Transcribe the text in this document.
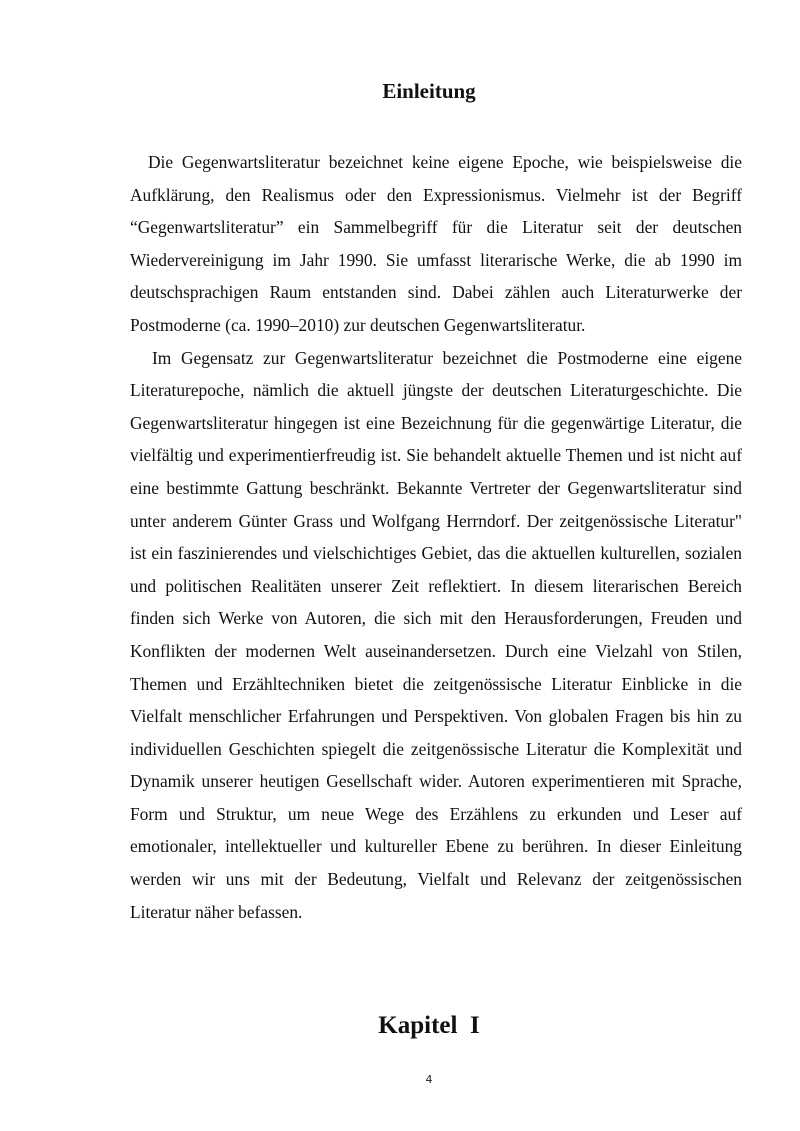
Einleitung

Die Gegenwartsliteratur bezeichnet keine eigene Epoche, wie beispielsweise die Aufklärung, den Realismus oder den Expressionismus. Vielmehr ist der Begriff “Gegenwartsliteratur” ein Sammelbegriff für die Literatur seit der deutschen Wiedervereinigung im Jahr 1990. Sie umfasst literarische Werke, die ab 1990 im deutschsprachigen Raum entstanden sind. Dabei zählen auch Literaturwerke der Postmoderne (ca. 1990–2010) zur deutschen Gegenwartsliteratur.

Im Gegensatz zur Gegenwartsliteratur bezeichnet die Postmoderne eine eigene Literaturepoche, nämlich die aktuell jüngste der deutschen Literaturgeschichte. Die Gegenwartsliteratur hingegen ist eine Bezeichnung für die gegenwärtige Literatur, die vielfältig und experimentierfreudig ist. Sie behandelt aktuelle Themen und ist nicht auf eine bestimmte Gattung beschränkt. Bekannte Vertreter der Gegenwartsliteratur sind unter anderem Günter Grass und Wolfgang Herrndorf. Der zeitgenössische Literatur" ist ein faszinierendes und vielschichtiges Gebiet, das die aktuellen kulturellen, sozialen und politischen Realitäten unserer Zeit reflektiert. In diesem literarischen Bereich finden sich Werke von Autoren, die sich mit den Herausforderungen, Freuden und Konflikten der modernen Welt auseinandersetzen. Durch eine Vielzahl von Stilen, Themen und Erzähltechniken bietet die zeitgenössische Literatur Einblicke in die Vielfalt menschlicher Erfahrungen und Perspektiven. Von globalen Fragen bis hin zu individuellen Geschichten spiegelt die zeitgenössische Literatur die Komplexität und Dynamik unserer heutigen Gesellschaft wider. Autoren experimentieren mit Sprache, Form und Struktur, um neue Wege des Erzählens zu erkunden und Leser auf emotionaler, intellektueller und kultureller Ebene zu berühren. In dieser Einleitung werden wir uns mit der Bedeutung, Vielfalt und Relevanz der zeitgenössischen Literatur näher befassen.

Kapitel  I
4
